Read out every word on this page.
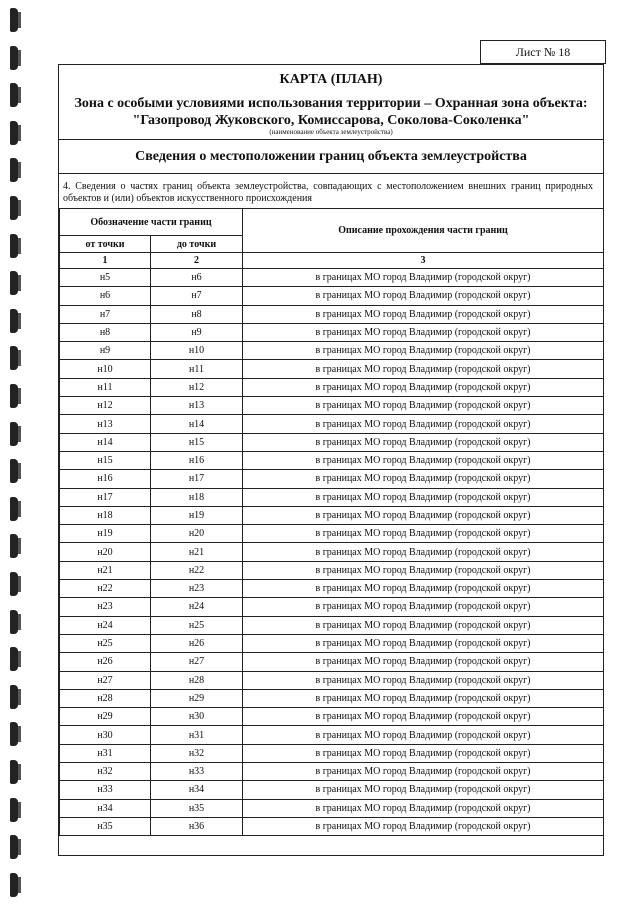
Лист № 18
КАРТА (ПЛАН)
Зона с особыми условиями использования территории – Охранная зона объекта:
"Газопровод Жуковского, Комиссарова, Соколова-Соколенка"
(наименование объекта землеустройства)
Сведения о местоположении границ объекта землеустройства
4. Сведения о частях границ объекта землеустройства, совпадающих с местоположением внешних границ природных объектов и (или) объектов искусственного происхождения
Обозначение части границ		Описание прохождения части границ
от точки	до точки	
1	2	3
н5	н6	в границах МО город Владимир (городской округ)
н6	н7	в границах МО город Владимир (городской округ)
н7	н8	в границах МО город Владимир (городской округ)
н8	н9	в границах МО город Владимир (городской округ)
н9	н10	в границах МО город Владимир (городской округ)
н10	н11	в границах МО город Владимир (городской округ)
н11	н12	в границах МО город Владимир (городской округ)
н12	н13	в границах МО город Владимир (городской округ)
н13	н14	в границах МО город Владимир (городской округ)
н14	н15	в границах МО город Владимир (городской округ)
н15	н16	в границах МО город Владимир (городской округ)
н16	н17	в границах МО город Владимир (городской округ)
н17	н18	в границах МО город Владимир (городской округ)
н18	н19	в границах МО город Владимир (городской округ)
н19	н20	в границах МО город Владимир (городской округ)
н20	н21	в границах МО город Владимир (городской округ)
н21	н22	в границах МО город Владимир (городской округ)
н22	н23	в границах МО город Владимир (городской округ)
н23	н24	в границах МО город Владимир (городской округ)
н24	н25	в границах МО город Владимир (городской округ)
н25	н26	в границах МО город Владимир (городской округ)
н26	н27	в границах МО город Владимир (городской округ)
н27	н28	в границах МО город Владимир (городской округ)
н28	н29	в границах МО город Владимир (городской округ)
н29	н30	в границах МО город Владимир (городской округ)
н30	н31	в границах МО город Владимир (городской округ)
н31	н32	в границах МО город Владимир (городской округ)
н32	н33	в границах МО город Владимир (городской округ)
н33	н34	в границах МО город Владимир (городской округ)
н34	н35	в границах МО город Владимир (городской округ)
н35	н36	в границах МО город Владимир (городской округ)
